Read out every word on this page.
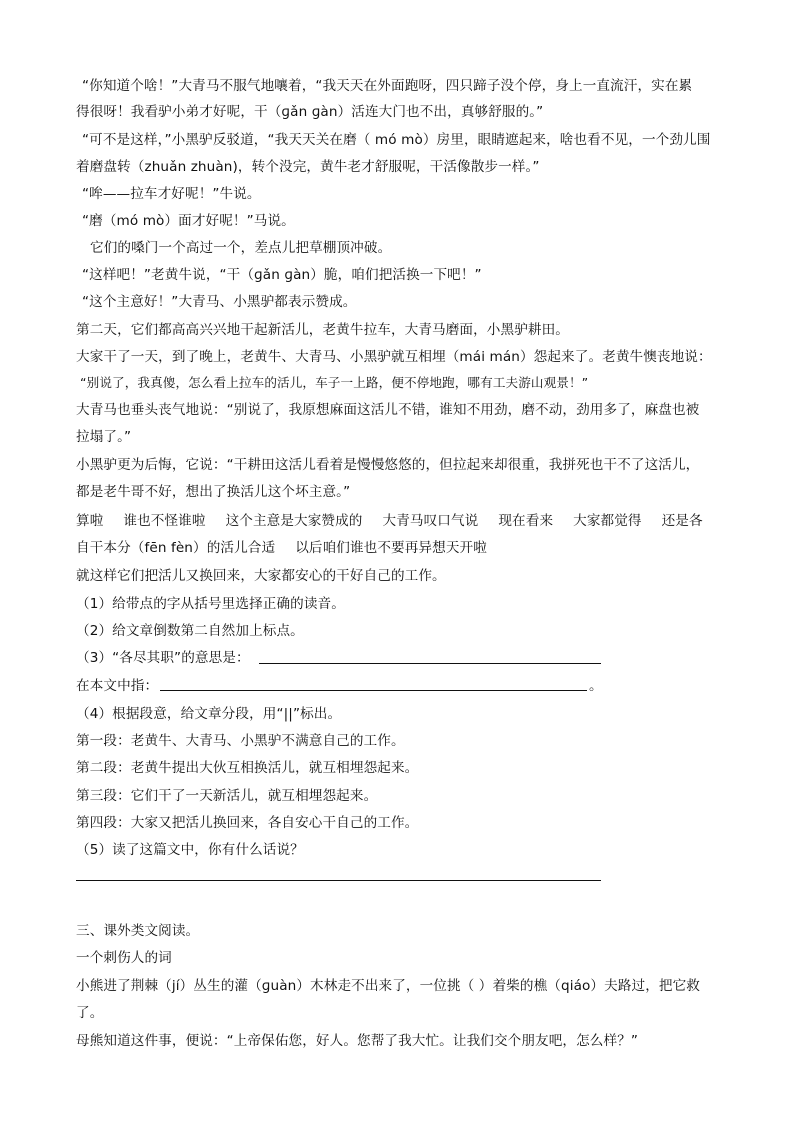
“你知道个啥！”大青马不服气地嚷着，“我天天在外面跑呀，四只蹄子没个停，身上一直流汗，实在累
得很呀！我看驴小弟才好呢，干（ɡǎn ɡàn）活连大门也不出，真够舒服的。”
“可不是这样，”小黑驴反驳道，“我天天关在磨（ mó mò）房里，眼睛遮起来，啥也看不见，一个劲儿围
着磨盘转（zhuǎn zhuàn)，转个没完，黄牛老才舒服呢，干活像散步一样。”
“哞——拉车才好呢！”牛说。
“磨（mó mò）面才好呢！”马说。
它们的嗓门一个高过一个，差点儿把草棚顶冲破。
“这样吧！”老黄牛说，“干（ɡǎn ɡàn）脆，咱们把活换一下吧！”
“这个主意好！”大青马、小黑驴都表示赞成。
第二天，它们都高高兴兴地干起新活儿，老黄牛拉车，大青马磨面，小黑驴耕田。
大家干了一天，到了晚上，老黄牛、大青马、小黑驴就互相埋（mái mán）怨起来了。老黄牛懊丧地说：
“别说了，我真傻，怎么看上拉车的活儿，车子一上路，便不停地跑，哪有工夫游山观景！”
大青马也垂头丧气地说：“别说了，我原想麻面这活儿不错，谁知不用劲，磨不动，劲用多了，麻盘也被
拉塌了。”
小黑驴更为后悔，它说：“干耕田这活儿看着是慢慢悠悠的，但拉起来却很重，我拼死也干不了这活儿，
都是老牛哥不好，想出了换活儿这个坏主意。”
算啦 谁也不怪谁啦 这个主意是大家赞成的 大青马叹口气说 现在看来 大家都觉得 还是各
自干本分（fēn fèn）的活儿合适 以后咱们谁也不要再异想天开啦
就这样它们把活儿又换回来，大家都安心的干好自己的工作。
（1）给带点的字从括号里选择正确的读音。
（2）给文章倒数第二自然加上标点。
（3）“各尽其职”的意思是：
在本文中指：	。
（4）根据段意，给文章分段，用“||”标出。
第一段：老黄牛、大青马、小黑驴不满意自己的工作。
第二段：老黄牛提出大伙互相换活儿，就互相埋怨起来。
第三段：它们干了一天新活儿，就互相埋怨起来。
第四段：大家又把活儿换回来，各自安心干自己的工作。
（5）读了这篇文中，你有什么话说？
三、课外类文阅读。
一个刺伤人的词
小熊进了荆棘（jí）丛生的灌（ɡuàn）木林走不出来了，一位挑（ ）着柴的樵（qiáo）夫路过，把它救
了。
母熊知道这件事，便说：“上帝保佑您，好人。您帮了我大忙。让我们交个朋友吧，怎么样？”
